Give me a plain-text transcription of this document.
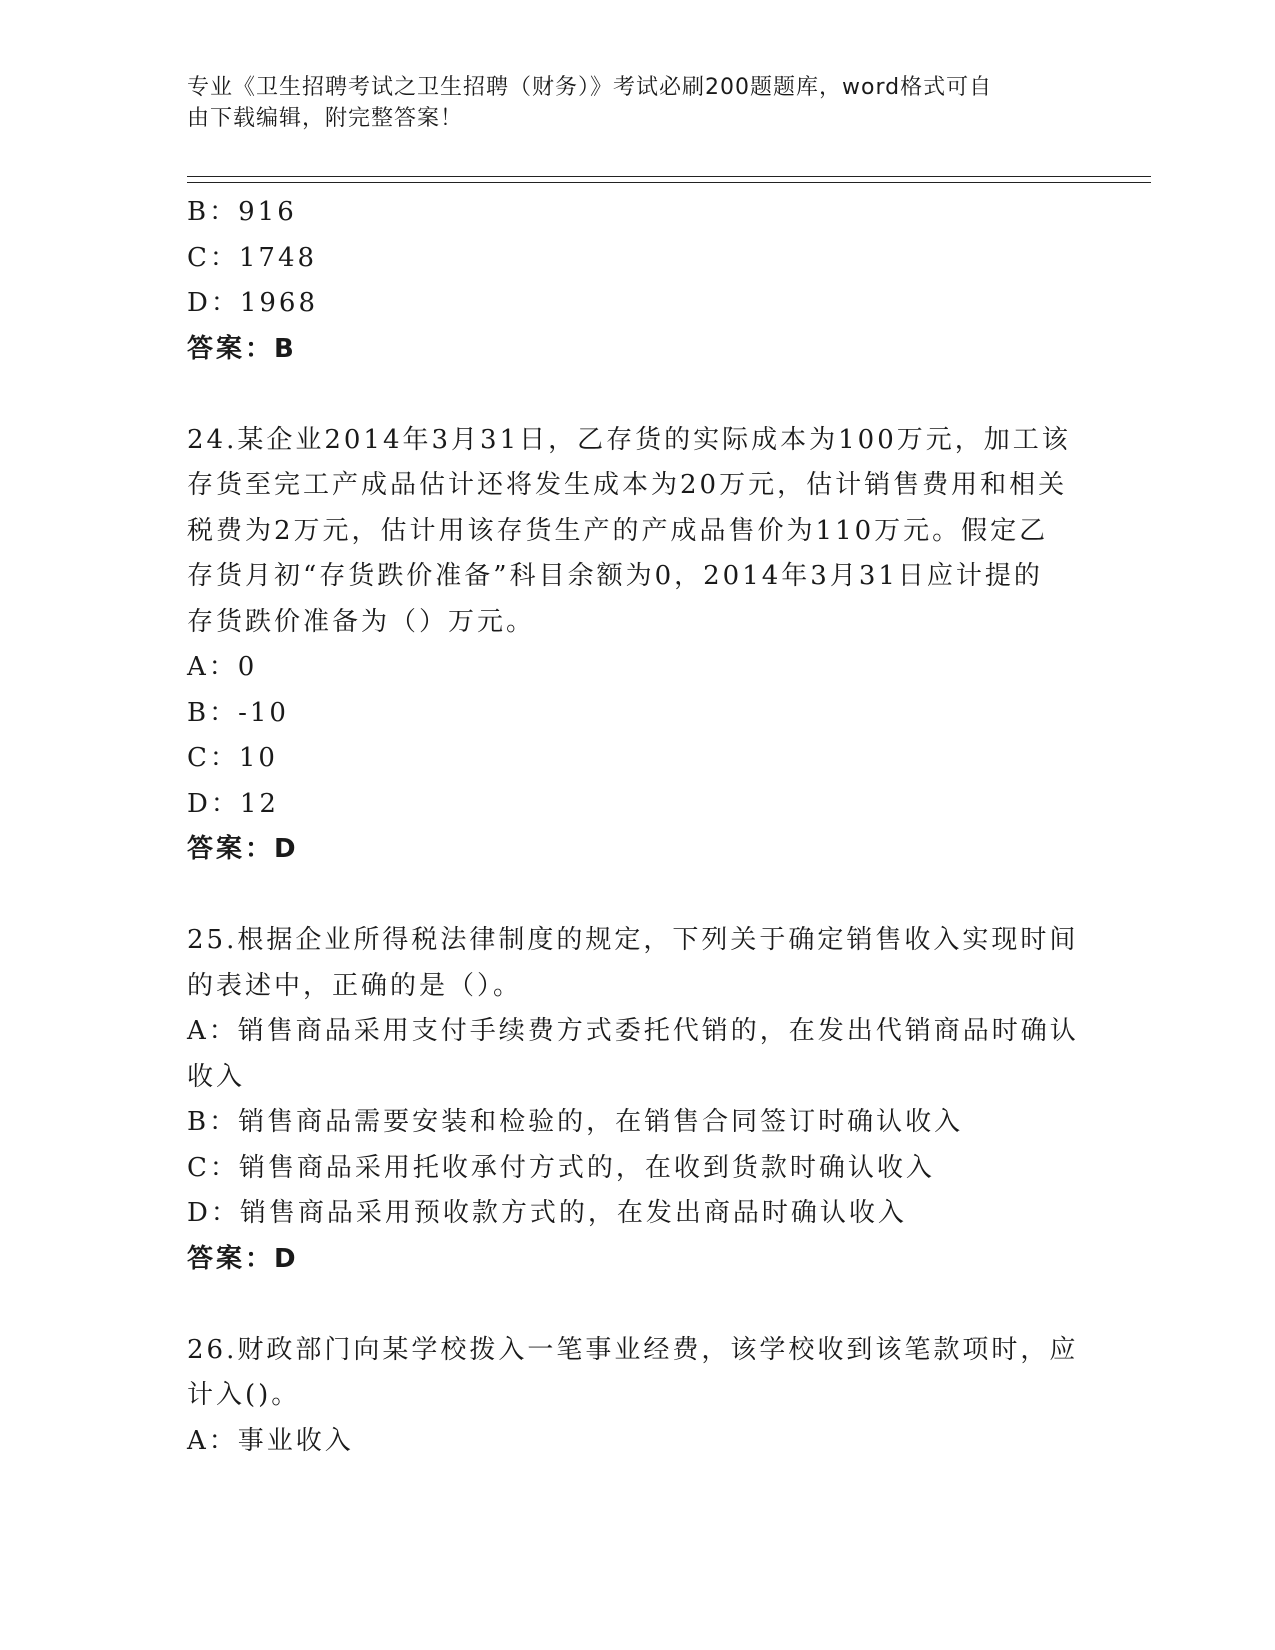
专业《卫生招聘考试之卫生招聘（财务）》考试必刷200题题库，word格式可自
由下载编辑，附完整答案！
B：916
C：1748
D：1968
答案：B
24.某企业2014年3月31日，乙存货的实际成本为100万元，加工该
存货至完工产成品估计还将发生成本为20万元，估计销售费用和相关
税费为2万元，估计用该存货生产的产成品售价为110万元。假定乙
存货月初“存货跌价准备”科目余额为0，2014年3月31日应计提的
存货跌价准备为（）万元。
A：0
B：-10
C：10
D：12
答案：D
25.根据企业所得税法律制度的规定，下列关于确定销售收入实现时间
的表述中，正确的是（）。
A：销售商品采用支付手续费方式委托代销的，在发出代销商品时确认
收入
B：销售商品需要安装和检验的，在销售合同签订时确认收入
C：销售商品采用托收承付方式的，在收到货款时确认收入
D：销售商品采用预收款方式的，在发出商品时确认收入
答案：D
26.财政部门向某学校拨入一笔事业经费，该学校收到该笔款项时，应
计入()。
A：事业收入
